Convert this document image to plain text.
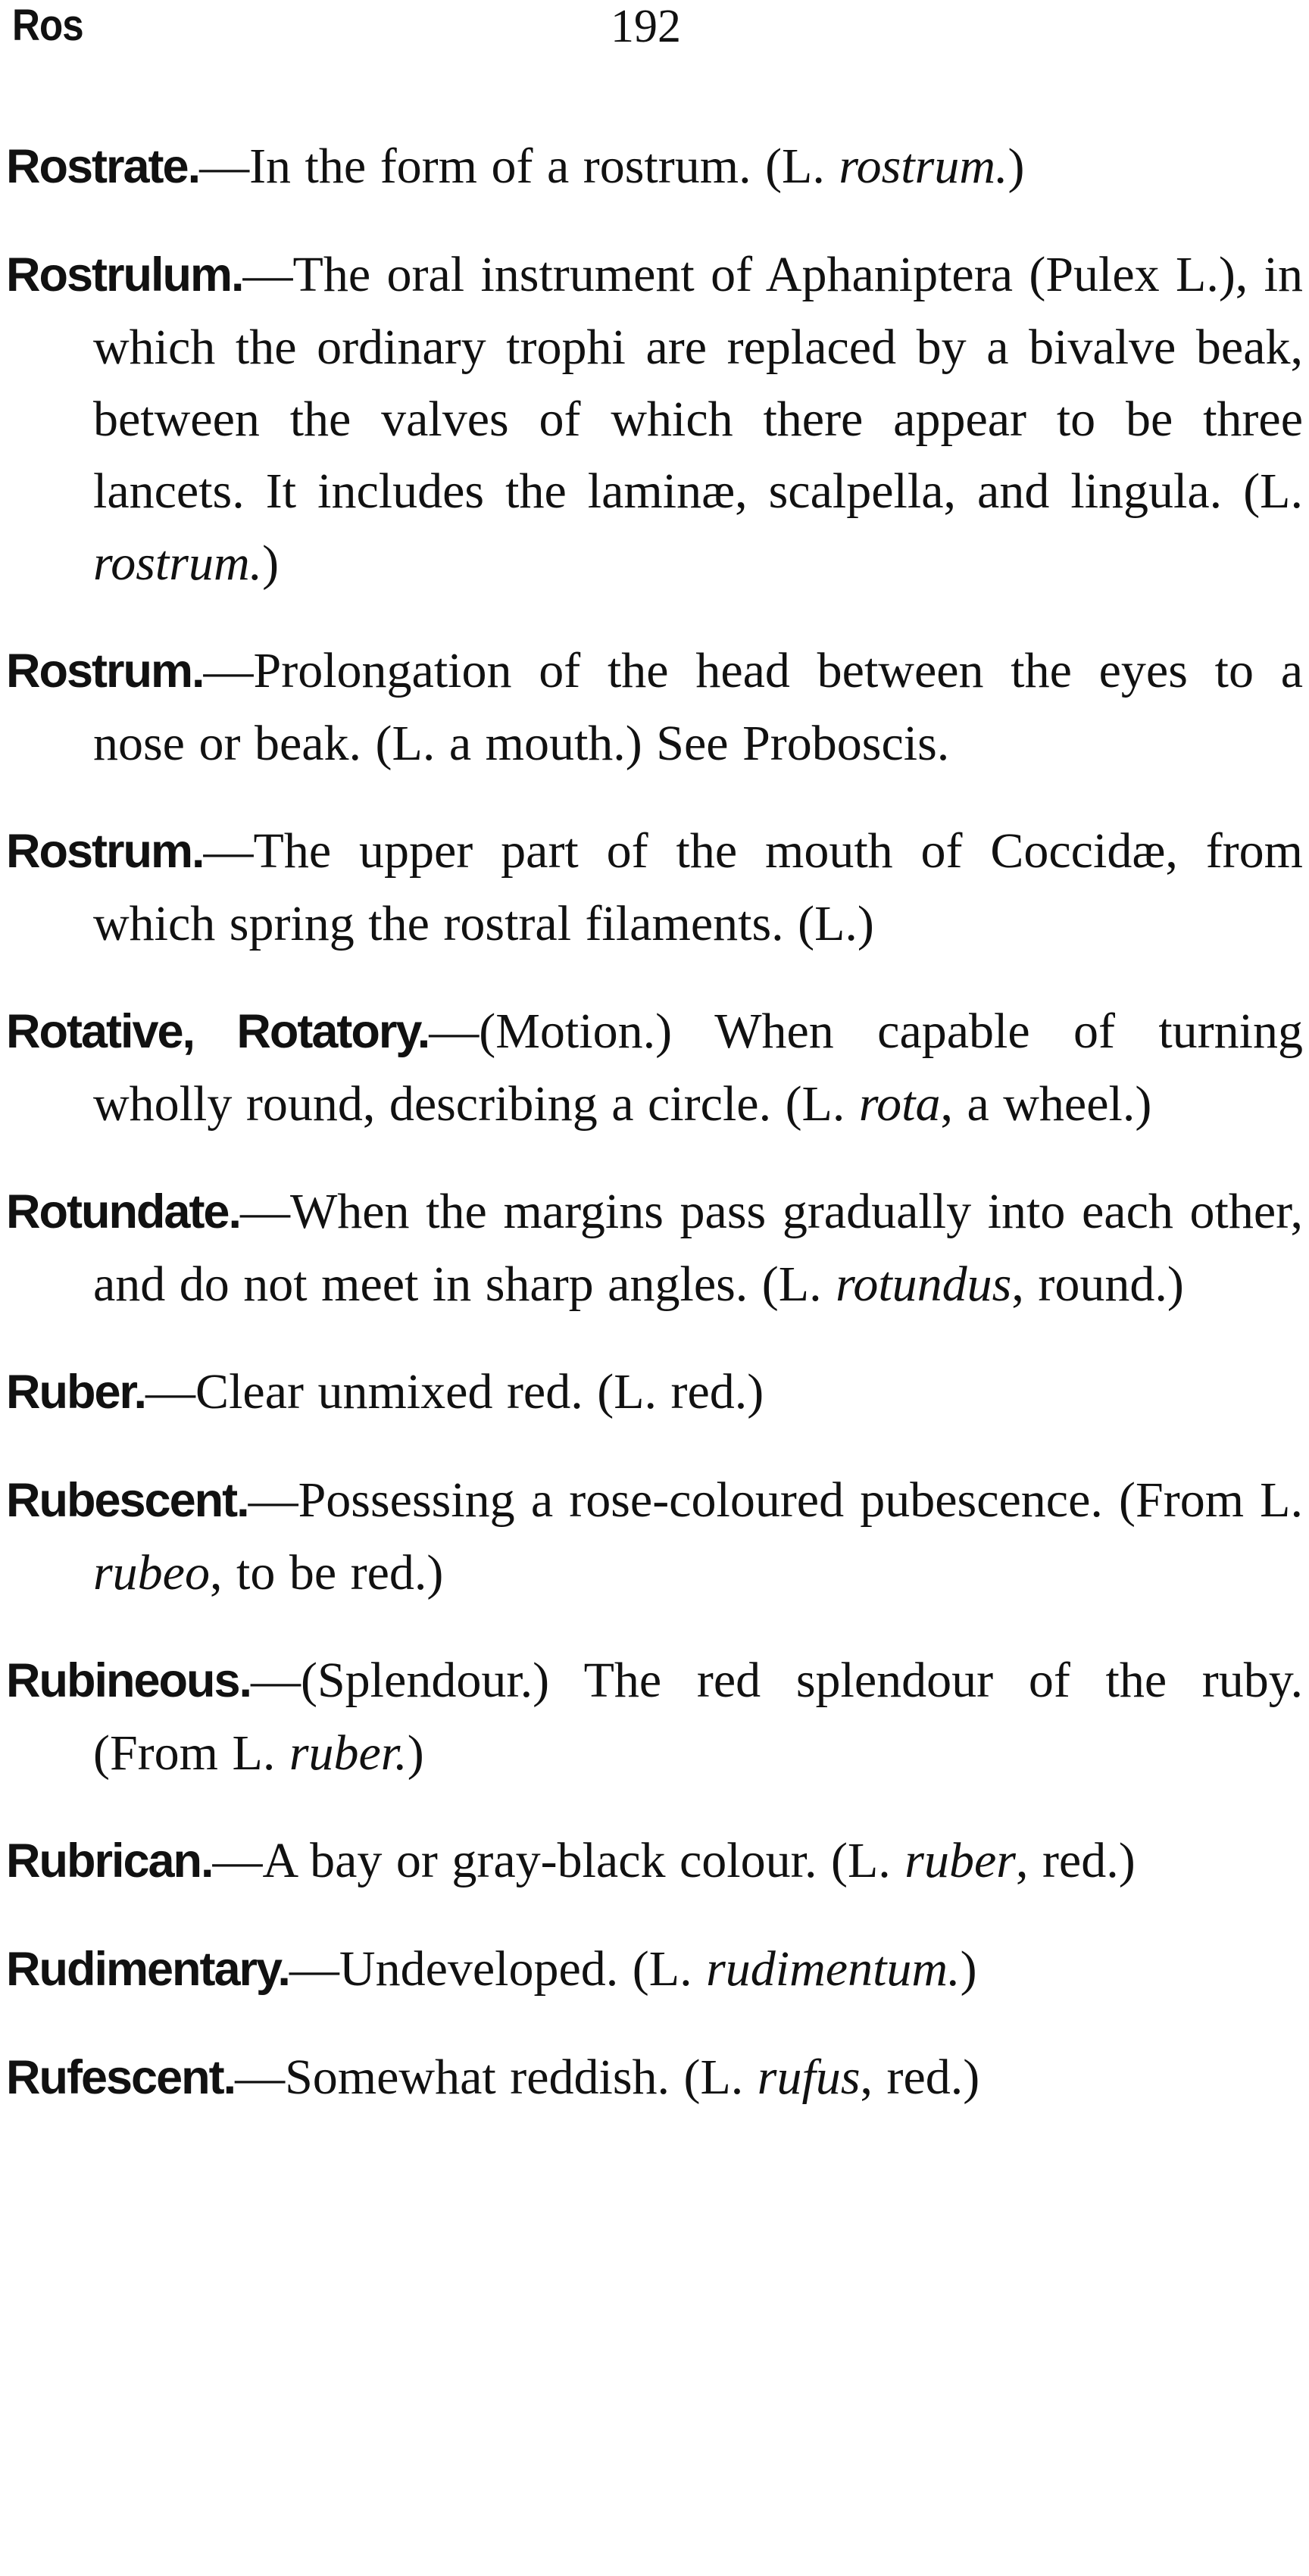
Ros	192

Rostrate.—In the form of a rostrum. (L. rostrum.)

Rostrulum.—The oral instrument of Aphaniptera (Pulex L.), in which the ordinary trophi are replaced by a bivalve beak, between the valves of which there appear to be three lancets. It includes the laminæ, scalpella, and lingula. (L. rostrum.)

Rostrum.—Prolongation of the head between the eyes to a nose or beak. (L. a mouth.) See Proboscis.

Rostrum.—The upper part of the mouth of Coccidæ, from which spring the rostral filaments. (L.)

Rotative, Rotatory.—(Motion.) When capable of turning wholly round, describing a circle. (L. rota, a wheel.)

Rotundate.—When the margins pass gradually into each other, and do not meet in sharp angles. (L. rotundus, round.)

Ruber.—Clear unmixed red. (L. red.)

Rubescent.—Possessing a rose-coloured pubescence. (From L. rubeo, to be red.)

Rubineous.—(Splendour.) The red splendour of the ruby. (From L. ruber.)

Rubrican.—A bay or gray-black colour. (L. ruber, red.)

Rudimentary.—Undeveloped. (L. rudimentum.)

Rufescent.—Somewhat reddish. (L. rufus, red.)
